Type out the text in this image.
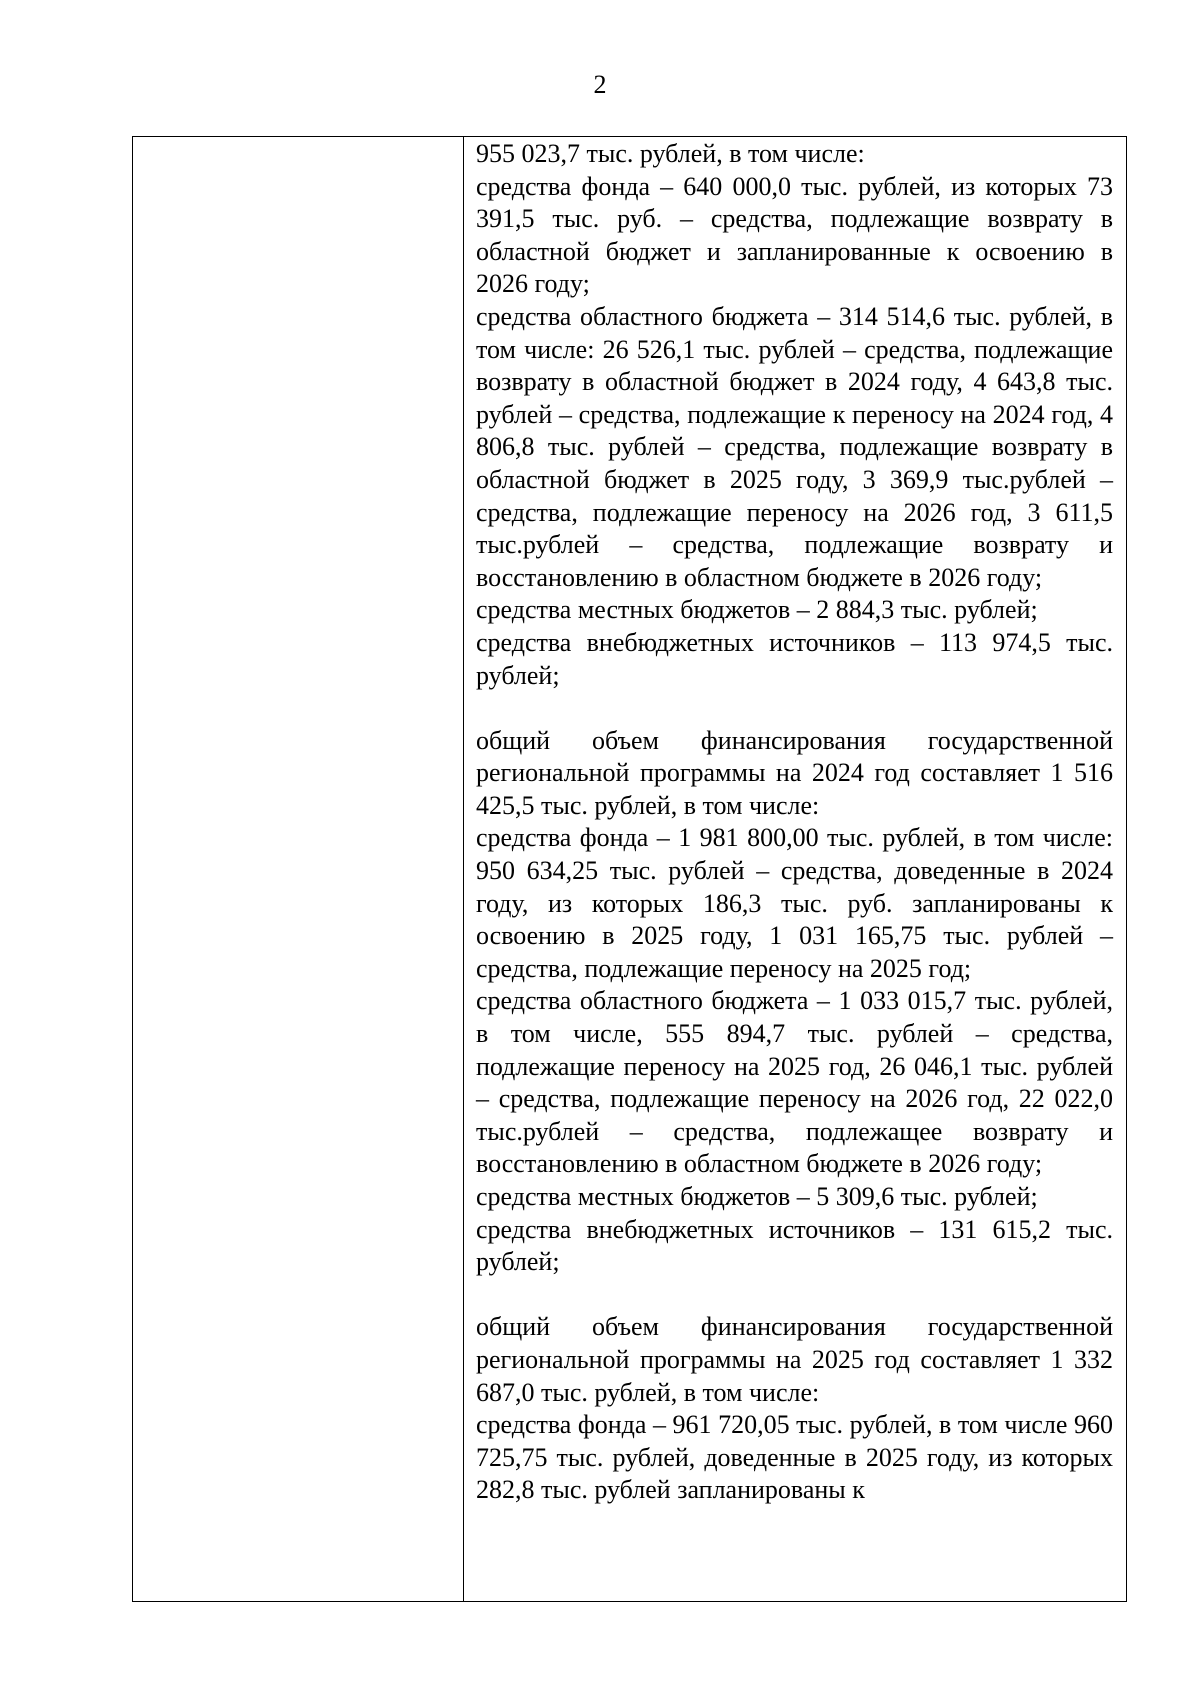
2

955 023,7 тыс. рублей, в том числе:

средства фонда – 640 000,0 тыс. рублей, из которых 73 391,5 тыс. руб. – средства, подлежащие возврату в областной бюджет и запланированные к освоению в 2026 году;

средства областного бюджета – 314 514,6 тыс. рублей, в том числе: 26 526,1 тыс. рублей – средства, подлежащие возврату в областной бюджет в 2024 году, 4 643,8 тыс. рублей – средства, подлежащие к переносу на 2024 год, 4 806,8 тыс. рублей – средства, подлежащие возврату в областной бюджет в 2025 году, 3 369,9 тыс.рублей – средства, подлежащие переносу на 2026 год, 3 611,5 тыс.рублей – средства, подлежащие возврату и восстановлению в областном бюджете в 2026 году;

средства местных бюджетов – 2 884,3 тыс. рублей;

средства внебюджетных источников – 113 974,5 тыс. рублей;

общий объем финансирования государственной региональной программы на 2024 год составляет 1 516 425,5 тыс. рублей, в том числе:

средства фонда – 1 981 800,00 тыс. рублей, в том числе: 950 634,25 тыс. рублей – средства, доведенные в 2024 году, из которых 186,3 тыс. руб. запланированы к освоению в 2025 году, 1 031 165,75 тыс. рублей – средства, подлежащие переносу на 2025 год;

средства областного бюджета – 1 033 015,7 тыс. рублей, в том числе, 555 894,7 тыс. рублей – средства, подлежащие переносу на 2025 год, 26 046,1 тыс. рублей – средства, подлежащие переносу на 2026 год, 22 022,0 тыс.рублей – средства, подлежащее возврату и восстановлению в областном бюджете в 2026 году;

средства местных бюджетов – 5 309,6 тыс. рублей;

средства внебюджетных источников – 131 615,2 тыс. рублей;

общий объем финансирования государственной региональной программы на 2025 год составляет 1 332 687,0 тыс. рублей, в том числе:

средства фонда – 961 720,05 тыс. рублей, в том числе 960 725,75 тыс. рублей, доведенные в 2025 году, из которых 282,8 тыс. рублей запланированы к
